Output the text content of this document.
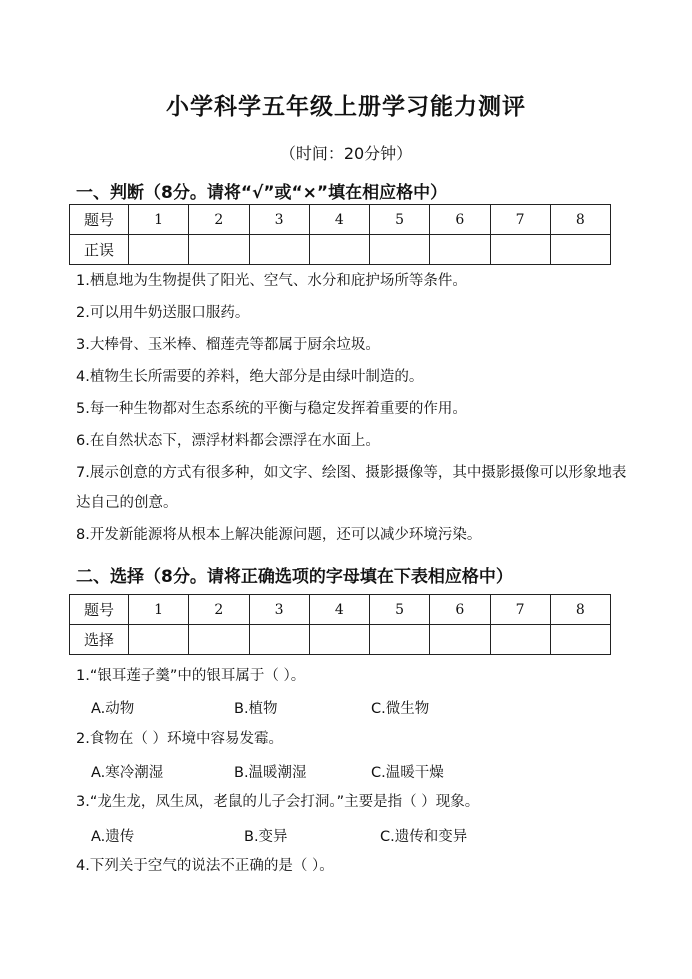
小学科学五年级上册学习能力测评
（时间：20分钟）
一、判断（8分。请将“√”或“×”填在相应格中）
题号	1	2	3	4	5	6	7	8
正误								
1.栖息地为生物提供了阳光、空气、水分和庇护场所等条件。
2.可以用牛奶送服口服药。
3.大棒骨、玉米棒、榴莲壳等都属于厨余垃圾。
4.植物生长所需要的养料，绝大部分是由绿叶制造的。
5.每一种生物都对生态系统的平衡与稳定发挥着重要的作用。
6.在自然状态下，漂浮材料都会漂浮在水面上。
7.展示创意的方式有很多种，如文字、绘图、摄影摄像等，其中摄影摄像可以形象地表达自己的创意。
8.开发新能源将从根本上解决能源问题，还可以减少环境污染。
二、选择（8分。请将正确选项的字母填在下表相应格中）
题号	1	2	3	4	5	6	7	8
选择								
1.“银耳莲子羹”中的银耳属于（ ）。
A.动物	B.植物	C.微生物
2.食物在（ ）环境中容易发霉。
A.寒冷潮湿	B.温暖潮湿	C.温暖干燥
3.“龙生龙，凤生凤，老鼠的儿子会打洞。”主要是指（ ）现象。
A.遗传	B.变异	C.遗传和变异
4.下列关于空气的说法不正确的是（ ）。
